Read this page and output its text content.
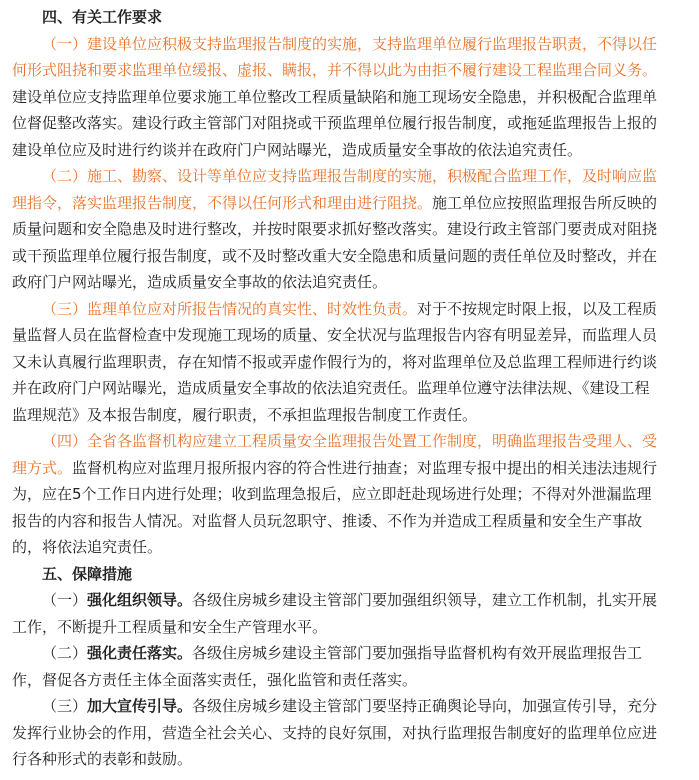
四、有关工作要求
（一）建设单位应积极支持监理报告制度的实施，支持监理单位履行监理报告职责，不得以任
何形式阻挠和要求监理单位缓报、虚报、瞒报，并不得以此为由拒不履行建设工程监理合同义务。
建设单位应支持监理单位要求施工单位整改工程质量缺陷和施工现场安全隐患，并积极配合监理单
位督促整改落实。建设行政主管部门对阻挠或干预监理单位履行报告制度，或拖延监理报告上报的
建设单位应及时进行约谈并在政府门户网站曝光，造成质量安全事故的依法追究责任。
（二）施工、勘察、设计等单位应支持监理报告制度的实施，积极配合监理工作，及时响应监
理指令，落实监理报告制度，不得以任何形式和理由进行阻挠。施工单位应按照监理报告所反映的
质量问题和安全隐患及时进行整改，并按时限要求抓好整改落实。建设行政主管部门要责成对阻挠
或干预监理单位履行报告制度，或不及时整改重大安全隐患和质量问题的责任单位及时整改，并在
政府门户网站曝光，造成质量安全事故的依法追究责任。
（三）监理单位应对所报告情况的真实性、时效性负责。对于不按规定时限上报，以及工程质
量监督人员在监督检查中发现施工现场的质量、安全状况与监理报告内容有明显差异，而监理人员
又未认真履行监理职责，存在知情不报或弄虚作假行为的，将对监理单位及总监理工程师进行约谈
并在政府门户网站曝光，造成质量安全事故的依法追究责任。监理单位遵守法律法规、《建设工程
监理规范》及本报告制度，履行职责，不承担监理报告制度工作责任。
（四）全省各监督机构应建立工程质量安全监理报告处置工作制度，明确监理报告受理人、受
理方式。监督机构应对监理月报所报内容的符合性进行抽查；对监理专报中提出的相关违法违规行
为，应在5个工作日内进行处理；收到监理急报后，应立即赶赴现场进行处理；不得对外泄漏监理
报告的内容和报告人情况。对监督人员玩忽职守、推诿、不作为并造成工程质量和安全生产事故
的，将依法追究责任。
五、保障措施
（一）强化组织领导。各级住房城乡建设主管部门要加强组织领导，建立工作机制，扎实开展
工作，不断提升工程质量和安全生产管理水平。
（二）强化责任落实。各级住房城乡建设主管部门要加强指导监督机构有效开展监理报告工
作，督促各方责任主体全面落实责任，强化监管和责任落实。
（三）加大宣传引导。各级住房城乡建设主管部门要坚持正确舆论导向，加强宣传引导，充分
发挥行业协会的作用，营造全社会关心、支持的良好氛围，对执行监理报告制度好的监理单位应进
行各种形式的表彰和鼓励。
